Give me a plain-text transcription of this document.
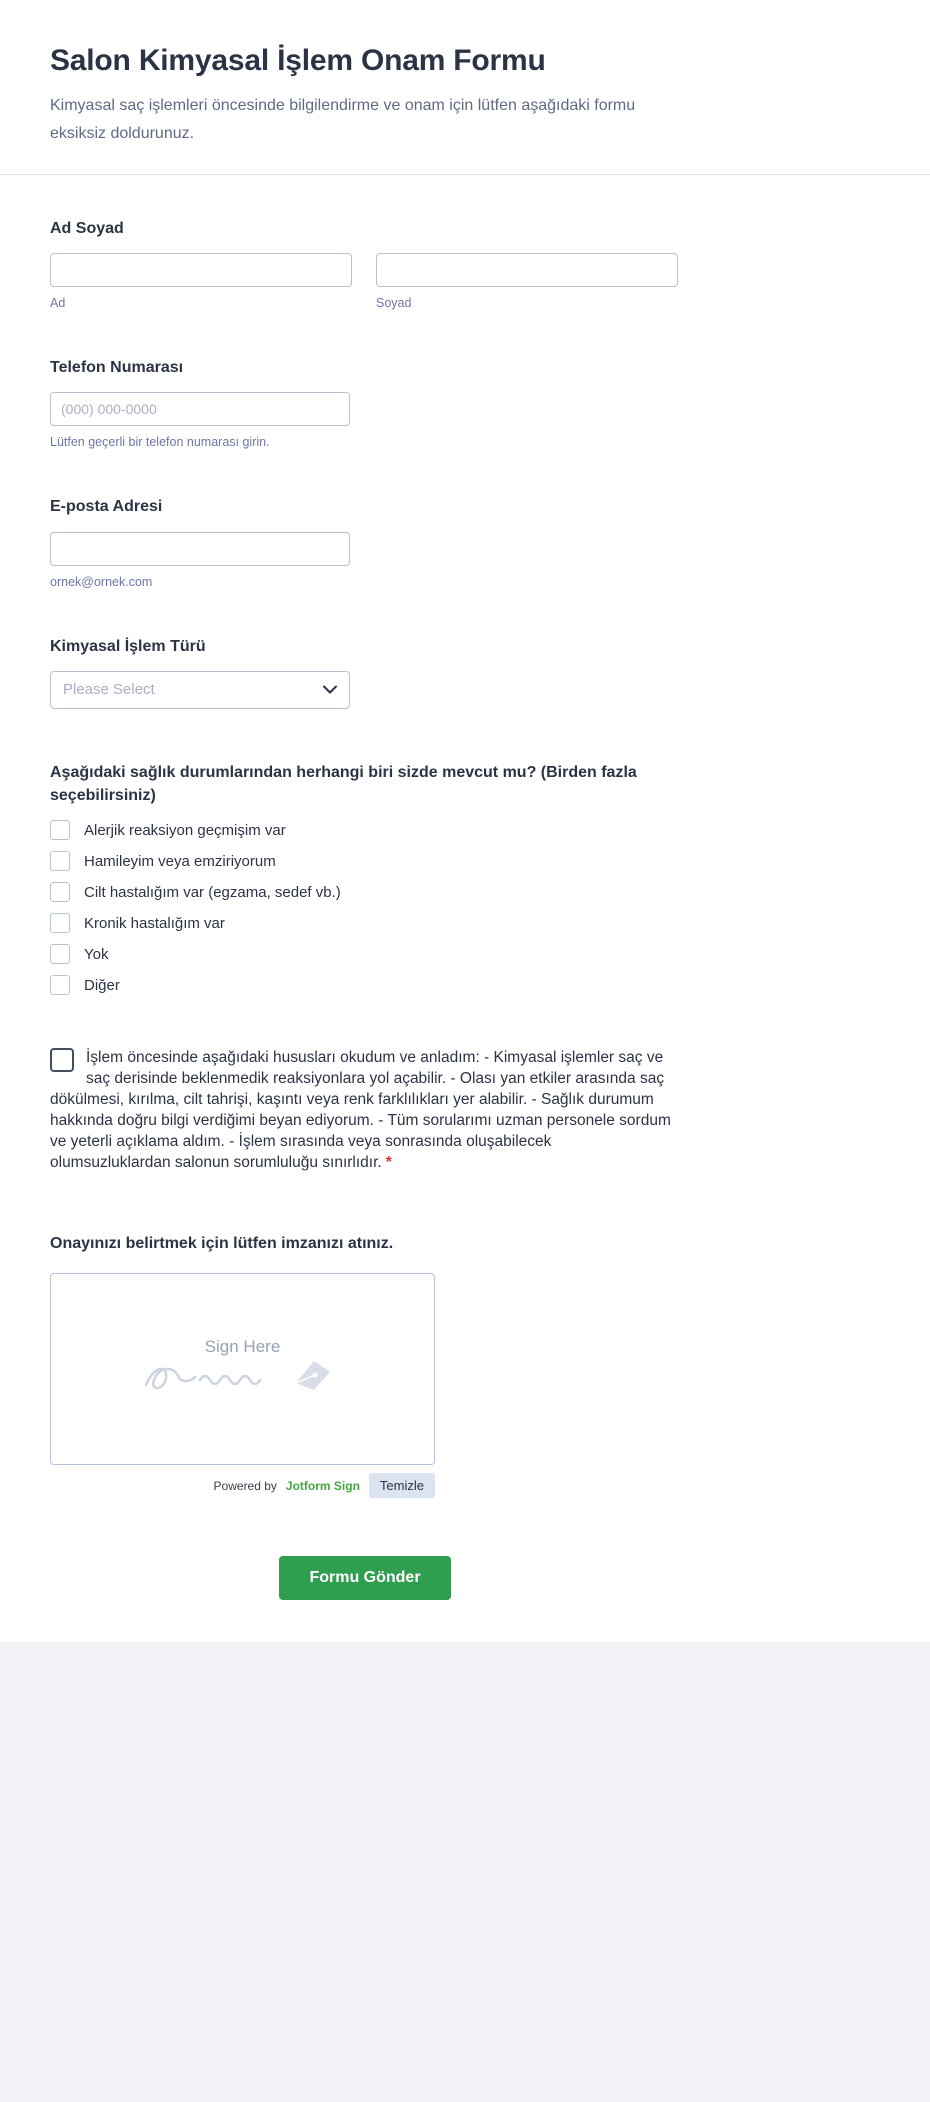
Salon Kimyasal İşlem Onam Formu

Kimyasal saç işlemleri öncesinde bilgilendirme ve onam için lütfen aşağıdaki formu eksiksiz doldurunuz.

Ad Soyad
Ad	Soyad
Telefon Numarası
(000) 000-0000
Lütfen geçerli bir telefon numarası girin.
E-posta Adresi
ornek@ornek.com
Kimyasal İşlem Türü
Please Select
Aşağıdaki sağlık durumlarından herhangi biri sizde mevcut mu? (Birden fazla seçebilirsiniz)
Alerjik reaksiyon geçmişim var
Hamileyim veya emziriyorum
Cilt hastalığım var (egzama, sedef vb.)
Kronik hastalığım var
Yok
Diğer
İşlem öncesinde aşağıdaki hususları okudum ve anladım: - Kimyasal işlemler saç ve saç derisinde beklenmedik reaksiyonlara yol açabilir. - Olası yan etkiler arasında saç dökülmesi, kırılma, cilt tahrişi, kaşıntı veya renk farklılıkları yer alabilir. - Sağlık durumum hakkında doğru bilgi verdiğimi beyan ediyorum. - Tüm sorularımı uzman personele sordum ve yeterli açıklama aldım. - İşlem sırasında veya sonrasında oluşabilecek olumsuzluklardan salonun sorumluluğu sınırlıdır. *
Onayınızı belirtmek için lütfen imzanızı atınız.
Sign Here
Powered by Jotform Sign	Temizle
Formu Gönder
